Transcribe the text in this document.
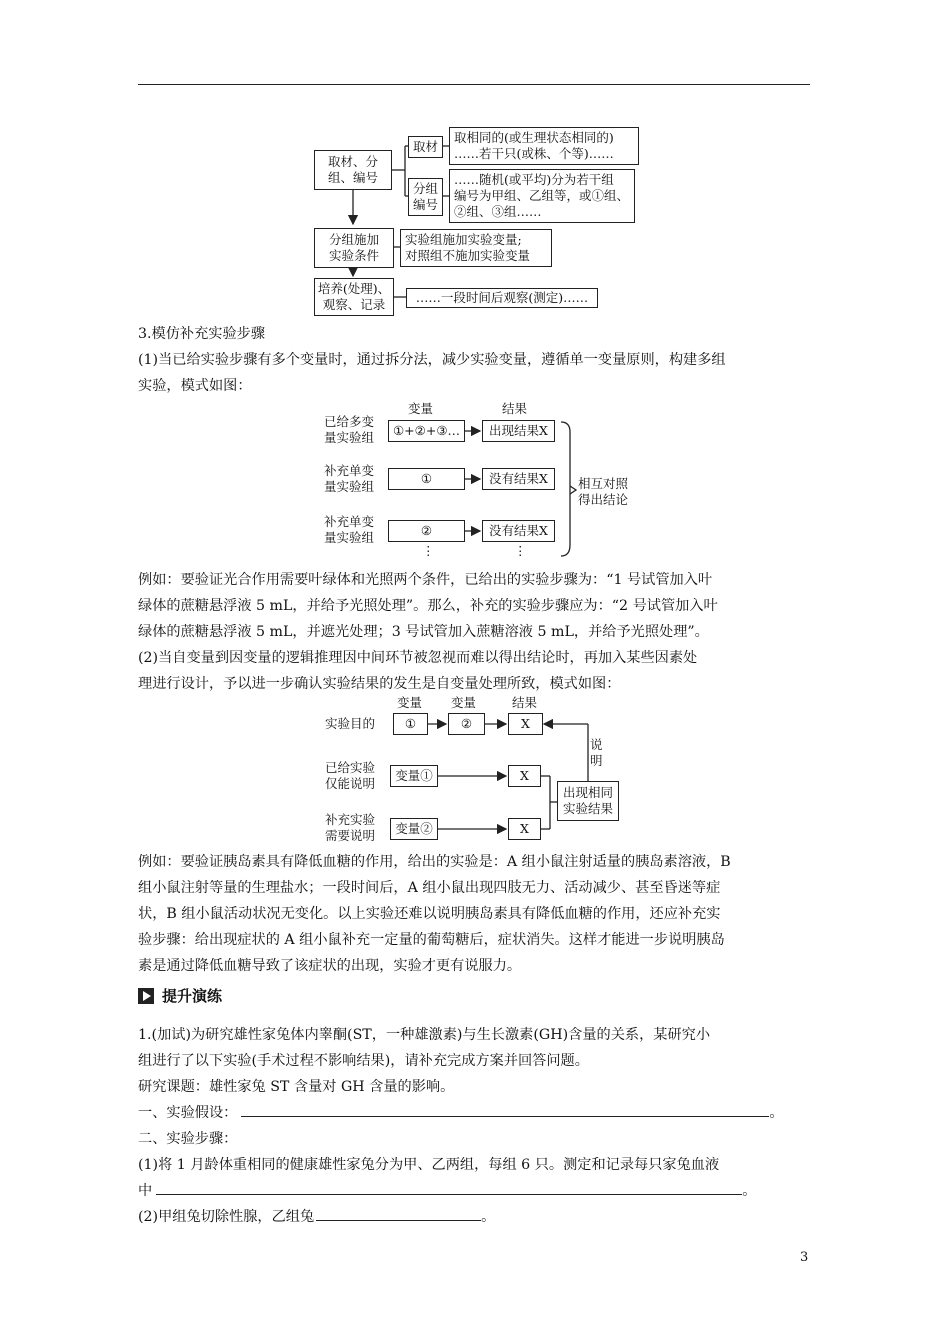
取材、分
组、编号
取材
取相同的(或生理状态相同的)
……若干只(或株、个等)……
分组
编号
……随机(或平均)分为若干组
编号为甲组、乙组等，或①组、
②组、③组……
分组施加
实验条件
实验组施加实验变量;
对照组不施加实验变量
培养(处理)、
观察、记录	……一段时间后观察(测定)……
3.模仿补充实验步骤
(1)当已给实验步骤有多个变量时，通过拆分法，减少实验变量，遵循单一变量原则，构建多组
实验，模式如图：
变量	结果
已给多变
量实验组	①+②+③…	出现结果X
补充单变
量实验组
①	没有结果X
补充单变
量实验组	②	没有结果X
⋮	⋮
相互对照
得出结论
例如：要验证光合作用需要叶绿体和光照两个条件，已给出的实验步骤为：“1 号试管加入叶
绿体的蔗糖悬浮液 5 mL，并给予光照处理”。那么，补充的实验步骤应为：“2 号试管加入叶
绿体的蔗糖悬浮液 5 mL，并遮光处理；3 号试管加入蔗糖溶液 5 mL，并给予光照处理”。
(2)当自变量到因变量的逻辑推理因中间环节被忽视而难以得出结论时，再加入某些因素处
理进行设计，予以进一步确认实验结果的发生是自变量处理所致，模式如图：
变量 变量	结果
实验目的	①	②	X
已给实验
仅能说明
变量①	X
补充实验
需要说明	变量②	X
出现相同
实验结果
说
明
例如：要验证胰岛素具有降低血糖的作用，给出的实验是：A 组小鼠注射适量的胰岛素溶液，B
组小鼠注射等量的生理盐水；一段时间后，A 组小鼠出现四肢无力、活动减少、甚至昏迷等症
状，B 组小鼠活动状况无变化。以上实验还难以说明胰岛素具有降低血糖的作用，还应补充实
验步骤：给出现症状的 A 组小鼠补充一定量的葡萄糖后，症状消失。这样才能进一步说明胰岛
素是通过降低血糖导致了该症状的出现，实验才更有说服力。
提升演练
1.(加试)为研究雄性家兔体内睾酮(ST，一种雄激素)与生长激素(GH)含量的关系，某研究小
组进行了以下实验(手术过程不影响结果)，请补充完成方案并回答问题。
研究课题：雄性家兔 ST 含量对 GH 含量的影响。
一、实验假设：	。
二、实验步骤：
(1)将 1 月龄体重相同的健康雄性家兔分为甲、乙两组，每组 6 只。测定和记录每只家兔血液
中	。
(2)甲组兔切除性腺，乙组兔	。
3
